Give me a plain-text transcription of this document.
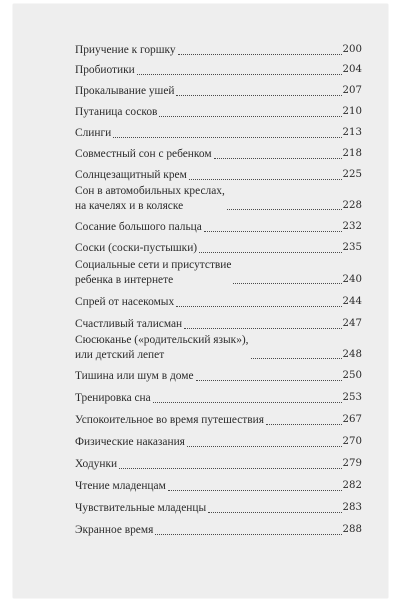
Приучение к горшку	200
Пробиотики	204
Прокалывание ушей	207
Путаница сосков	210
Слинги	213
Совместный сон с ребенком	218
Солнцезащитный крем	225
Сон в автомобильных креслах,
на качелях и в коляске	228
Сосание большого пальца	232
Соски (соски-пустышки)	235
Социальные сети и присутствие
ребенка в интернете	240
Спрей от насекомых	244
Счастливый талисман	247
Сюсюканье («родительский язык»),
или детский лепет	248
Тишина или шум в доме	250
Тренировка сна	253
Успокоительное во время путешествия	267
Физические наказания	270
Ходунки	279
Чтение младенцам	282
Чувствительные младенцы	283
Экранное время	288
